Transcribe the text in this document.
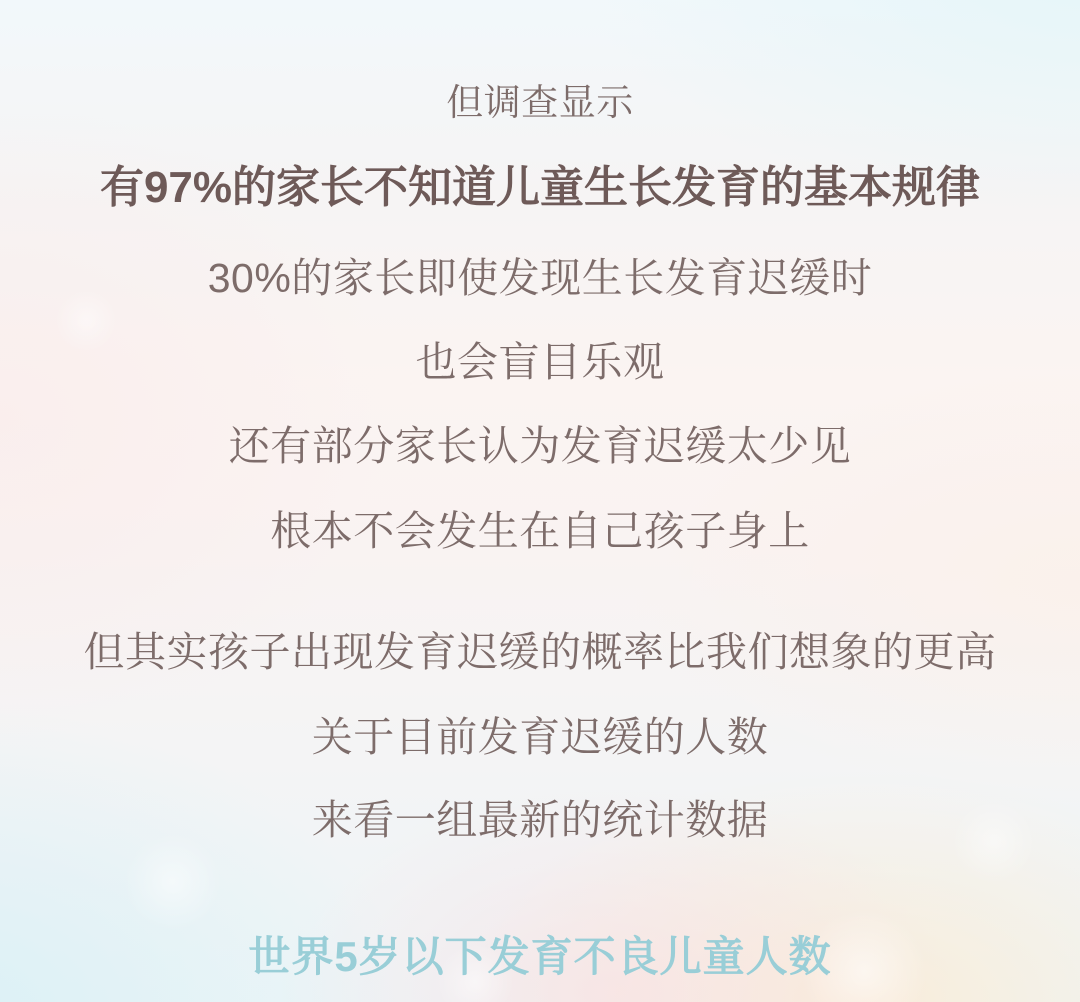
但调查显示
有97%的家长不知道儿童生长发育的基本规律
30%的家长即使发现生长发育迟缓时
也会盲目乐观
还有部分家长认为发育迟缓太少见
根本不会发生在自己孩子身上
但其实孩子出现发育迟缓的概率比我们想象的更高
关于目前发育迟缓的人数
来看一组最新的统计数据
世界5岁以下发育不良儿童人数
